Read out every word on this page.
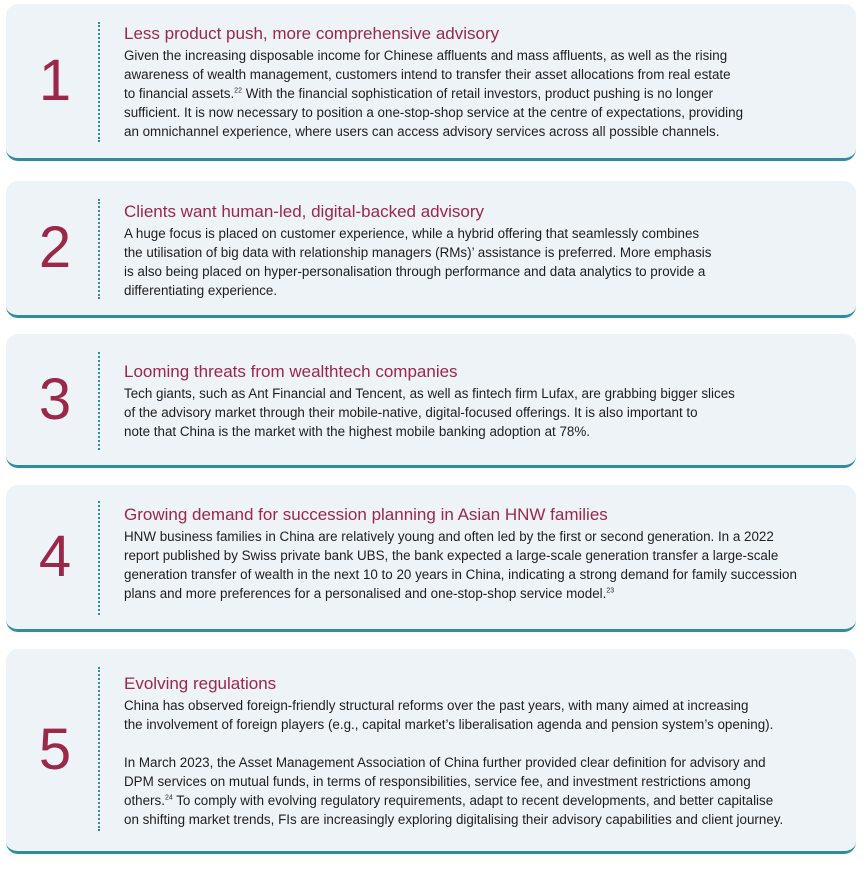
1
Less product push, more comprehensive advisory
Given the increasing disposable income for Chinese affluents and mass affluents, as well as the rising
awareness of wealth management, customers intend to transfer their asset allocations from real estate
to financial assets.$^{22}$ With the financial sophistication of retail investors, product pushing is no longer
sufficient. It is now necessary to position a one-stop-shop service at the centre of expectations, providing
an omnichannel experience, where users can access advisory services across all possible channels.
2
Clients want human-led, digital-backed advisory
A huge focus is placed on customer experience, while a hybrid offering that seamlessly combines
the utilisation of big data with relationship managers (RMs)’ assistance is preferred. More emphasis
is also being placed on hyper-personalisation through performance and data analytics to provide a
differentiating experience.
3	Looming threats from wealthtech companies
Tech giants, such as Ant Financial and Tencent, as well as fintech firm Lufax, are grabbing bigger slices
of the advisory market through their mobile-native, digital-focused offerings. It is also important to
note that China is the market with the highest mobile banking adoption at 78%.
4
Growing demand for succession planning in Asian HNW families
HNW business families in China are relatively young and often led by the first or second generation. In a 2022
report published by Swiss private bank UBS, the bank expected a large-scale generation transfer a large-scale
generation transfer of wealth in the next 10 to 20 years in China, indicating a strong demand for family succession
plans and more preferences for a personalised and one-stop-shop service model.$^{23}$
5
Evolving regulations
China has observed foreign-friendly structural reforms over the past years, with many aimed at increasing
the involvement of foreign players (e.g., capital market’s liberalisation agenda and pension system’s opening).
In March 2023, the Asset Management Association of China further provided clear definition for advisory and
DPM services on mutual funds, in terms of responsibilities, service fee, and investment restrictions among
others.$^{24}$ To comply with evolving regulatory requirements, adapt to recent developments, and better capitalise
on shifting market trends, FIs are increasingly exploring digitalising their advisory capabilities and client journey.
